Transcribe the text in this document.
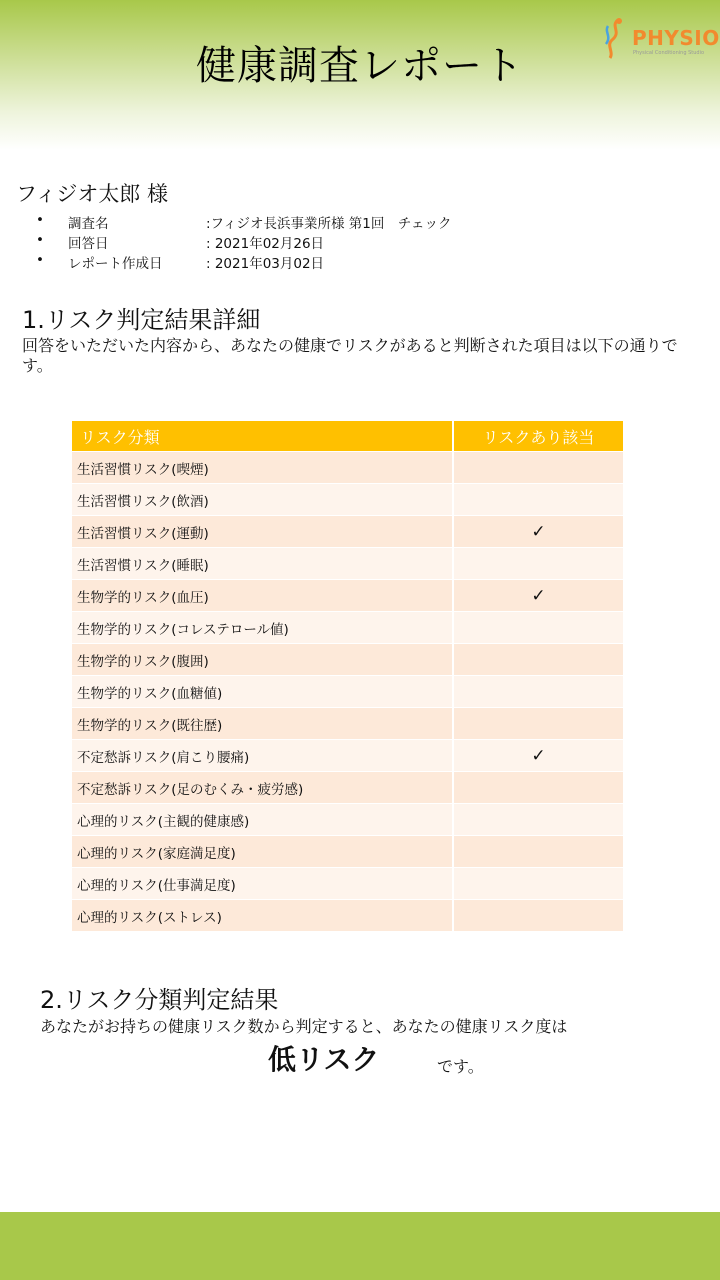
健康調査レポート
PHYSIO
Physical Conditioning Studio
フィジオ太郎 様
• 調査名	:フィジオ長浜事業所様 第1回　チェック
• 回答日	: 2021年02月26日
• レポート作成日	: 2021年03月02日
1.リスク判定結果詳細
回答をいただいた内容から、あなたの健康でリスクがあると判断された項目は以下の通りです。
リスク分類	リスクあり該当
生活習慣リスク(喫煙)	
生活習慣リスク(飲酒)	
生活習慣リスク(運動)	✓
生活習慣リスク(睡眠)	
生物学的リスク(血圧)	✓
生物学的リスク(コレステロール値)	
生物学的リスク(腹囲)	
生物学的リスク(血糖値)	
生物学的リスク(既往歴)	
不定愁訴リスク(肩こり腰痛)	✓
不定愁訴リスク(足のむくみ・疲労感)	
心理的リスク(主観的健康感)	
心理的リスク(家庭満足度)	
心理的リスク(仕事満足度)	
心理的リスク(ストレス)	
2.リスク分類判定結果
あなたがお持ちの健康リスク数から判定すると、あなたの健康リスク度は
低リスク	です。
